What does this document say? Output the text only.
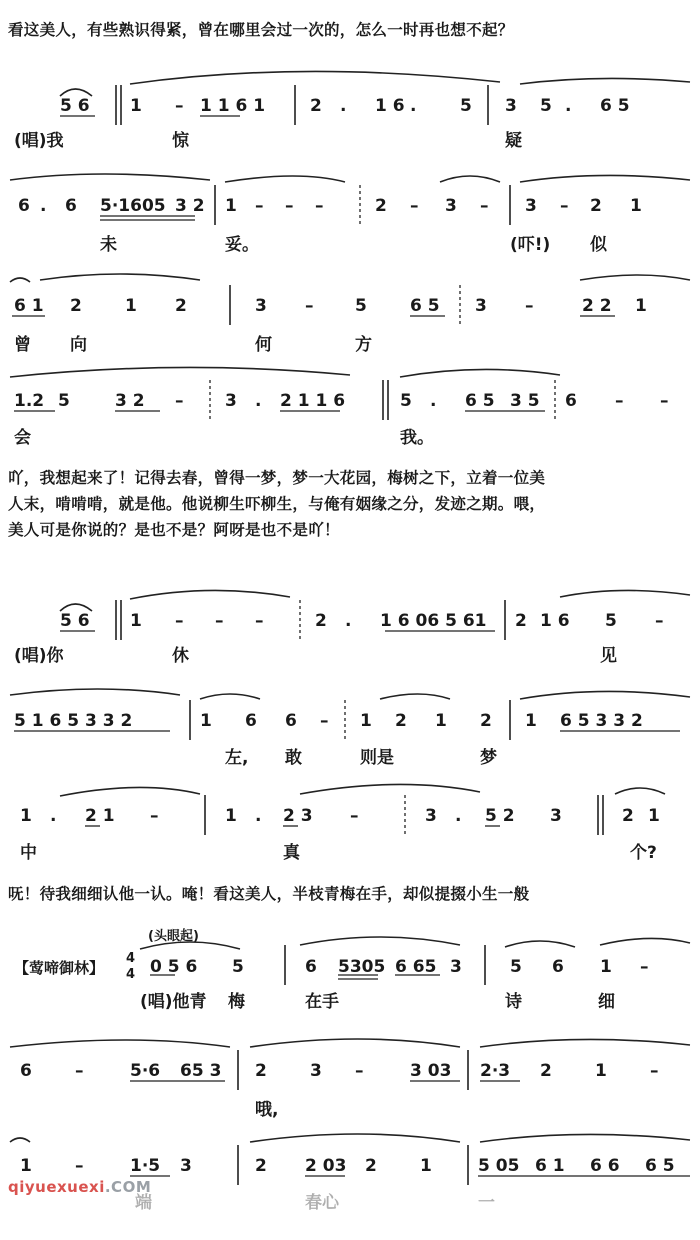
看这美人，有些熟识得紧，曾在哪里会过一次的，怎么一时再也想不起？
吖，我想起来了！记得去春，曾得一梦，梦一大花园，梅树之下，立着一位美
人末，啃啃啃，就是他。他说柳生吓柳生，与俺有姻缘之分，发迹之期。喂，
美人可是你说的？是也不是？阿呀是也不是吖！
呒！待我细细认他一认。唵！看这美人，半枝青梅在手，却似提掇小生一般
5 6 1 – 1 1 6 1	2 . 1 6 .	5 3 5 . 6 5
(唱)我	惊	疑
6 . 6 5·1605 3 2 1 – – –	2 – 3 – 3 – 2 1
未	妥。	(吓!) 似
6 1 2	1 2	3 – 5	6 5 3 –	2 2 1
曾 向	何	方
1.2 5	3 2 – 3 . 2 1 1 6	5 . 6 5 3 5 6 – –
会	我。
5 6 1 – – –	2 . 1 6 06 5 61 2 1 6 5 –
(唱)你	休	见
5 1 6 5 3 3 2	1 6 6 – 1 2 1 2 1 6 5 3 3 2
左, 敢	则是	梦
1 . 2 1 –	1 . 2 3 –	3 . 5 2 3	2 1
中	真	个?
(头眼起)
【莺啼御林】
4
4 0 5 6 5	6 5305 6 65 3	5 6 1 –
(唱)他青 梅	在手	诗	细
6	–	5·6 65 3 2	3 –	3 03 2·3 2	1	–
哦,
1	–	1·5 3	2 2 03 2	1	5 05 6 1 6 6 6 5
端	春心	一
qiyuexuexi.COM
